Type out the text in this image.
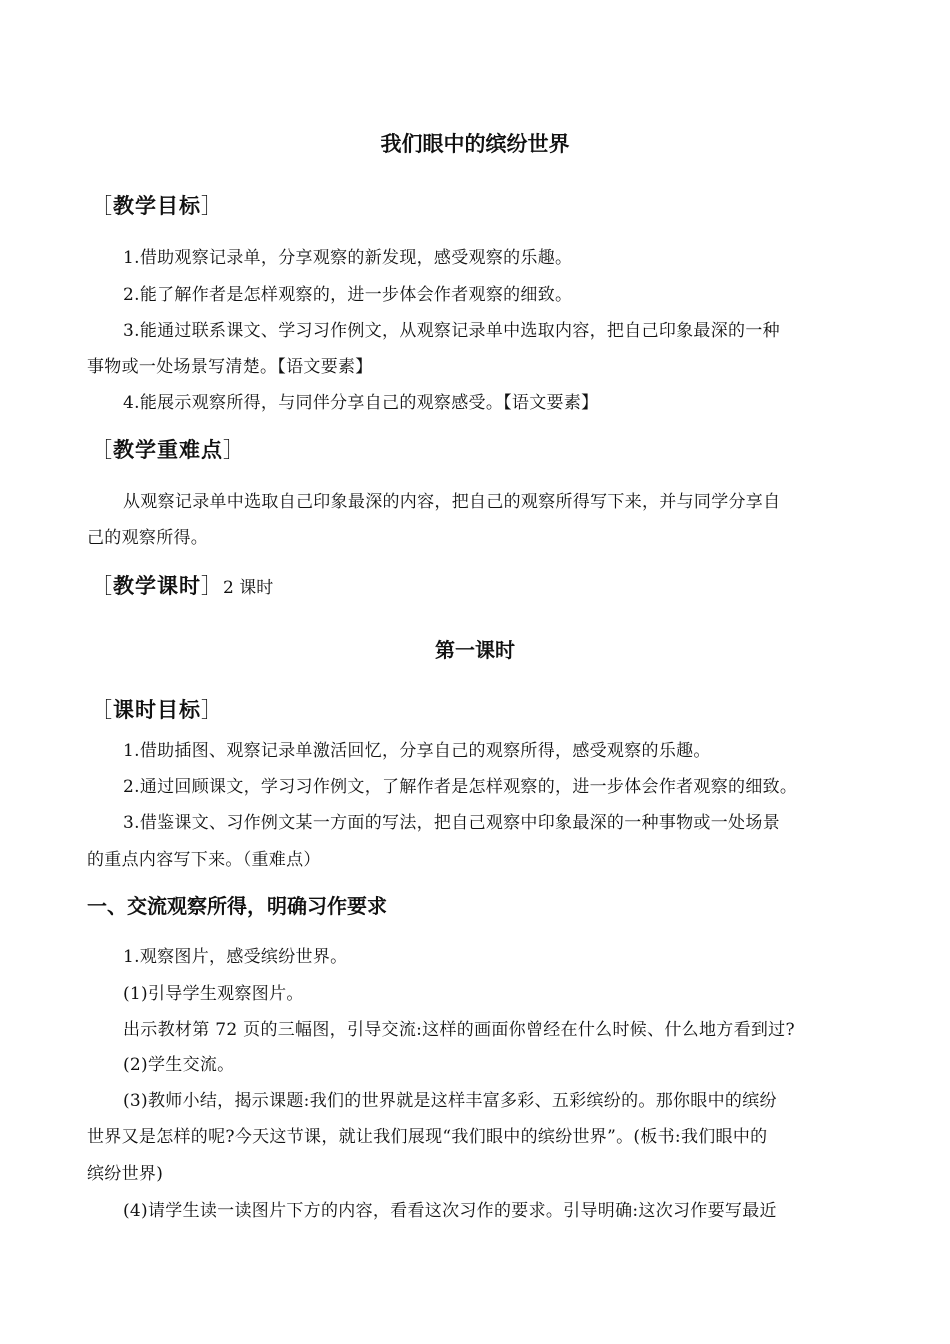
我们眼中的缤纷世界
［教学目标］
1.借助观察记录单，分享观察的新发现，感受观察的乐趣。
2.能了解作者是怎样观察的，进一步体会作者观察的细致。
3.能通过联系课文、学习习作例文，从观察记录单中选取内容，把自己印象最深的一种
事物或一处场景写清楚。【语文要素】
4.能展示观察所得，与同伴分享自己的观察感受。【语文要素】
［教学重难点］
从观察记录单中选取自己印象最深的内容，把自己的观察所得写下来，并与同学分享自
己的观察所得。
［教学课时］2 课时
第一课时
［课时目标］
1.借助插图、观察记录单激活回忆，分享自己的观察所得，感受观察的乐趣。
2.通过回顾课文，学习习作例文，了解作者是怎样观察的，进一步体会作者观察的细致。
3.借鉴课文、习作例文某一方面的写法，把自己观察中印象最深的一种事物或一处场景
的重点内容写下来。（重难点）
一、交流观察所得，明确习作要求
1.观察图片，感受缤纷世界。
(1)引导学生观察图片。
出示教材第 72 页的三幅图，引导交流:这样的画面你曾经在什么时候、什么地方看到过?
(2)学生交流。
(3)教师小结，揭示课题:我们的世界就是这样丰富多彩、五彩缤纷的。那你眼中的缤纷
世界又是怎样的呢?今天这节课，就让我们展现“我们眼中的缤纷世界”。(板书:我们眼中的
缤纷世界)
(4)请学生读一读图片下方的内容，看看这次习作的要求。引导明确:这次习作要写最近
